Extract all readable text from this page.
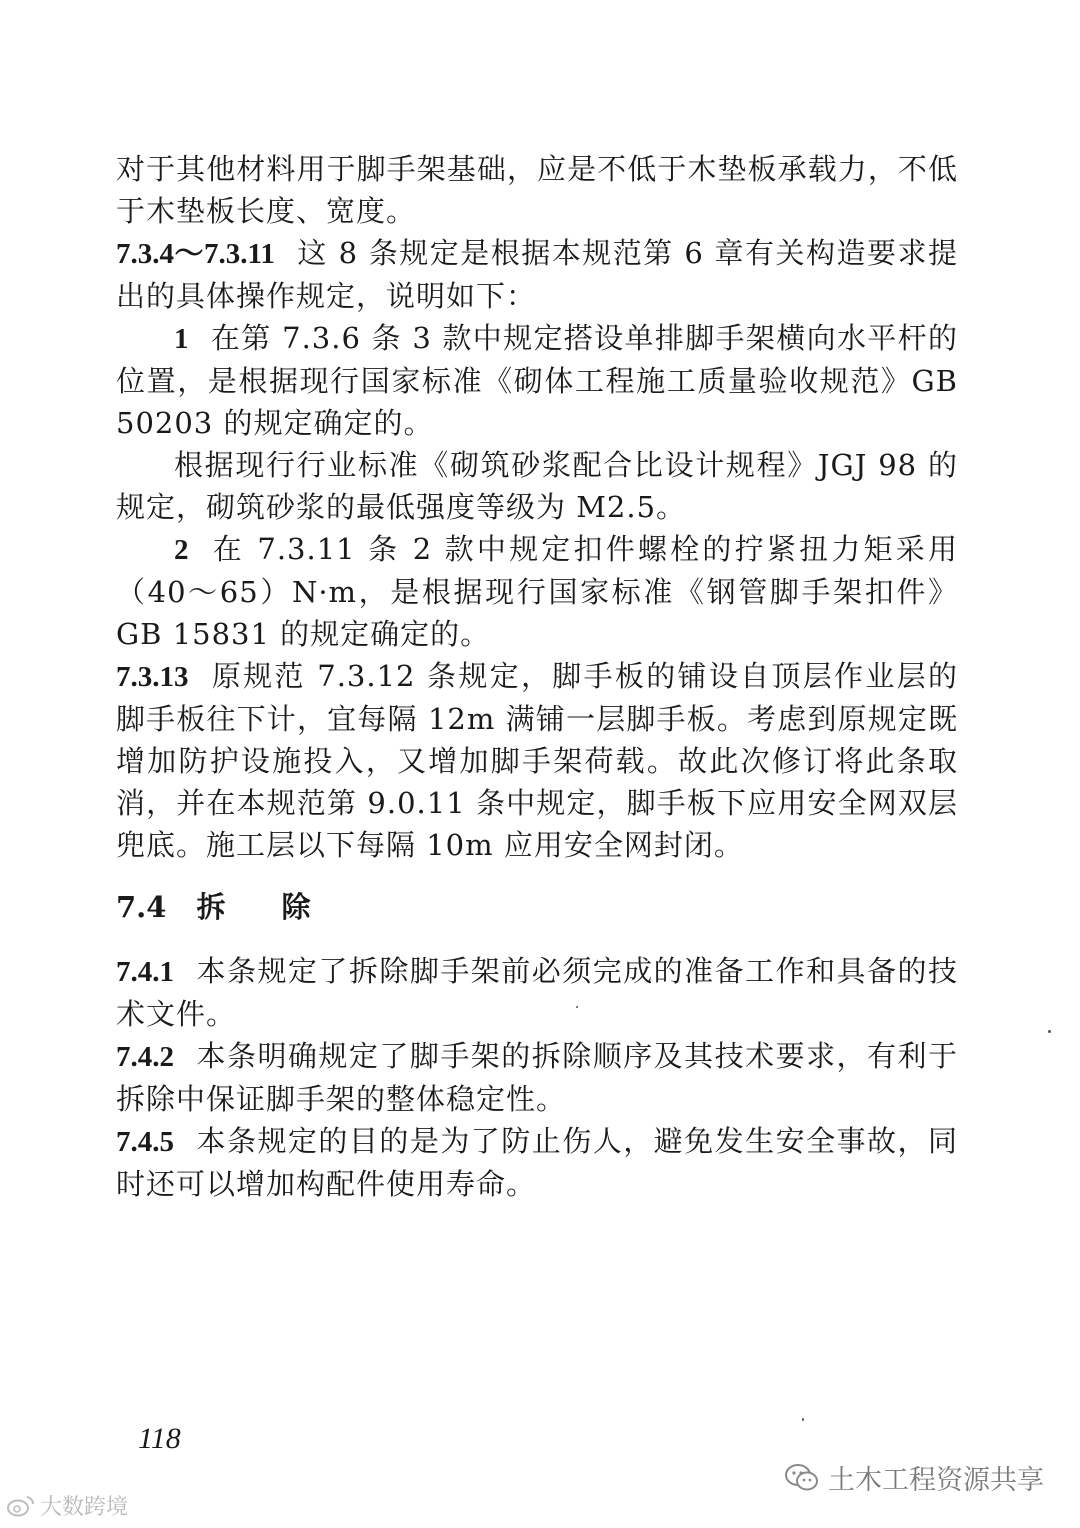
对于其他材料用于脚手架基础，应是不低于木垫板承载力，不低于木垫板长度、宽度。

7.3.4～7.3.11 这 8 条规定是根据本规范第 6 章有关构造要求提出的具体操作规定，说明如下：

1 在第 7.3.6 条 3 款中规定搭设单排脚手架横向水平杆的位置，是根据现行国家标准《砌体工程施工质量验收规范》GB 50203 的规定确定的。

根据现行行业标准《砌筑砂浆配合比设计规程》JGJ 98 的规定，砌筑砂浆的最低强度等级为 M2.5。

2 在 7.3.11 条 2 款中规定扣件螺栓的拧紧扭力矩采用（40～65）N·m，是根据现行国家标准《钢管脚手架扣件》GB 15831 的规定确定的。

7.3.13 原规范 7.3.12 条规定，脚手板的铺设自顶层作业层的脚手板往下计，宜每隔 12m 满铺一层脚手板。考虑到原规定既增加防护设施投入，又增加脚手架荷载。故此次修订将此条取消，并在本规范第 9.0.11 条中规定，脚手板下应用安全网双层兜底。施工层以下每隔 10m 应用安全网封闭。

7.4 拆 除

7.4.1 本条规定了拆除脚手架前必须完成的准备工作和具备的技术文件。

7.4.2 本条明确规定了脚手架的拆除顺序及其技术要求，有利于拆除中保证脚手架的整体稳定性。

7.4.5 本条规定的目的是为了防止伤人，避免发生安全事故，同时还可以增加构配件使用寿命。

118
土木工程资源共享
大数跨境
